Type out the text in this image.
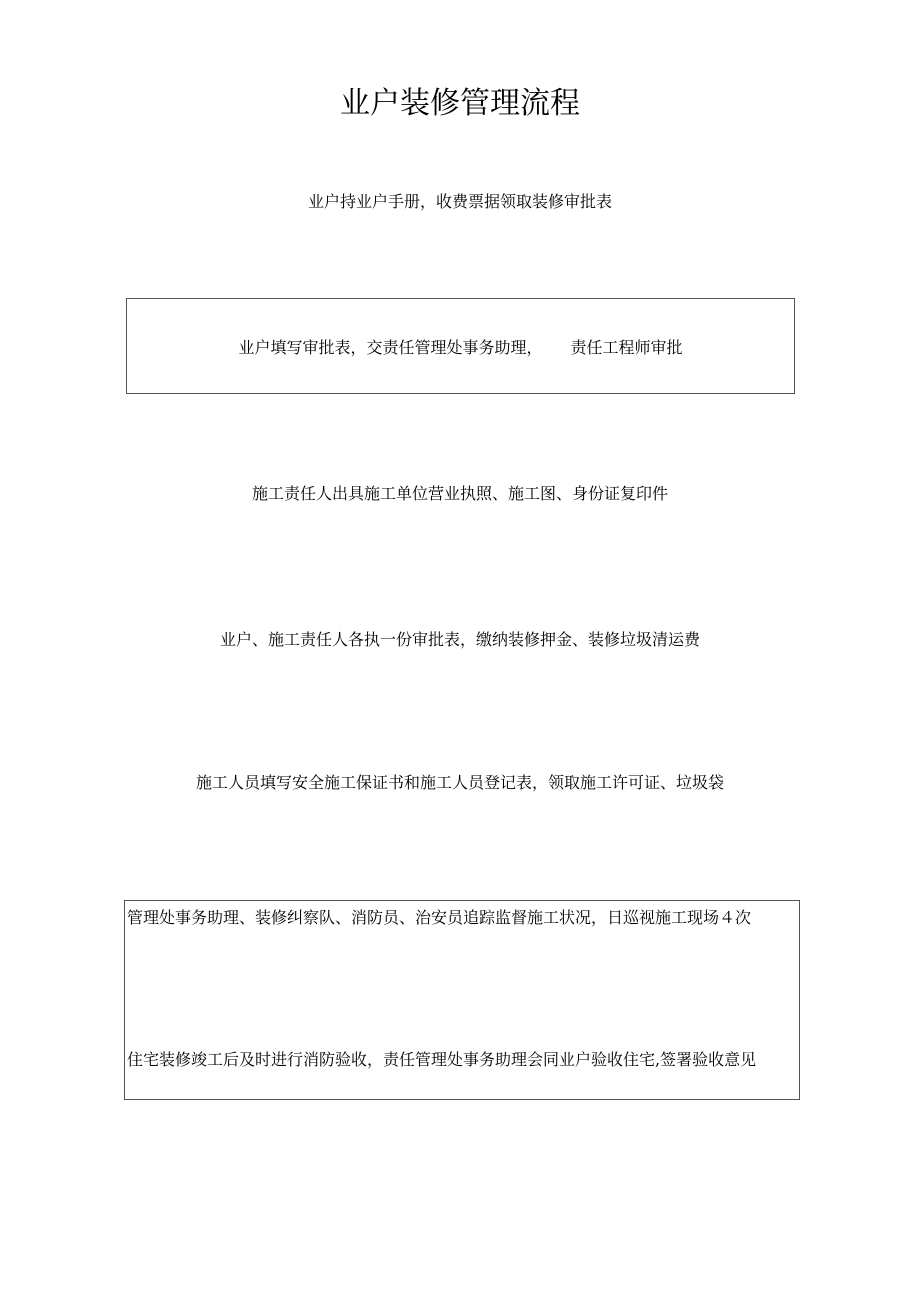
业户装修管理流程
业户持业户手册，收费票据领取装修审批表
业户填写审批表，交责任管理处事务助理， 责任工程师审批
施工责任人出具施工单位营业执照、施工图、身份证复印件
业户、施工责任人各执一份审批表，缴纳装修押金、装修垃圾清运费
施工人员填写安全施工保证书和施工人员登记表，领取施工许可证、垃圾袋
管理处事务助理、装修纠察队、消防员、治安员追踪监督施工状况，日巡视施工现场４次
住宅装修竣工后及时进行消防验收，责任管理处事务助理会同业户验收住宅,签署验收意见
